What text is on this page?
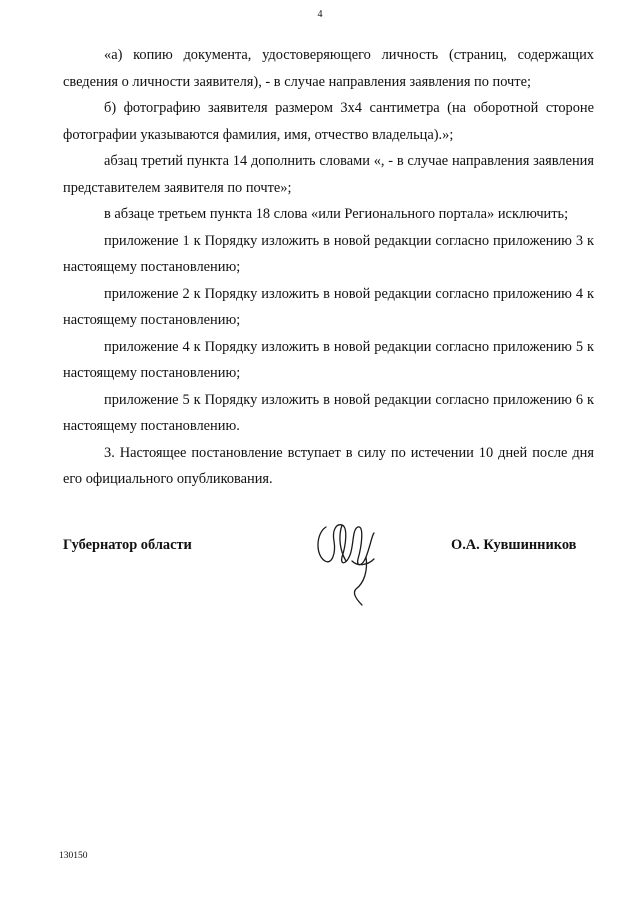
4

«а) копию документа, удостоверяющего личность (страниц, содержащих сведения о личности заявителя), - в случае направления заявления по почте;

б) фотографию заявителя размером 3х4 сантиметра (на оборотной стороне фотографии указываются фамилия, имя, отчество владельца).»;

абзац третий пункта 14 дополнить словами «, - в случае направления заявления представителем заявителя по почте»;

в абзаце третьем пункта 18 слова «или Регионального портала» исключить;

приложение 1 к Порядку изложить в новой редакции согласно приложению 3 к настоящему постановлению;

приложение 2 к Порядку изложить в новой редакции согласно приложению 4 к настоящему постановлению;

приложение 4 к Порядку изложить в новой редакции согласно приложению 5 к настоящему постановлению;

приложение 5 к Порядку изложить в новой редакции согласно приложению 6 к настоящему постановлению.

3. Настоящее постановление вступает в силу по истечении 10 дней после дня его официального опубликования.

Губернатор области	О.А. Кувшинников
130150
